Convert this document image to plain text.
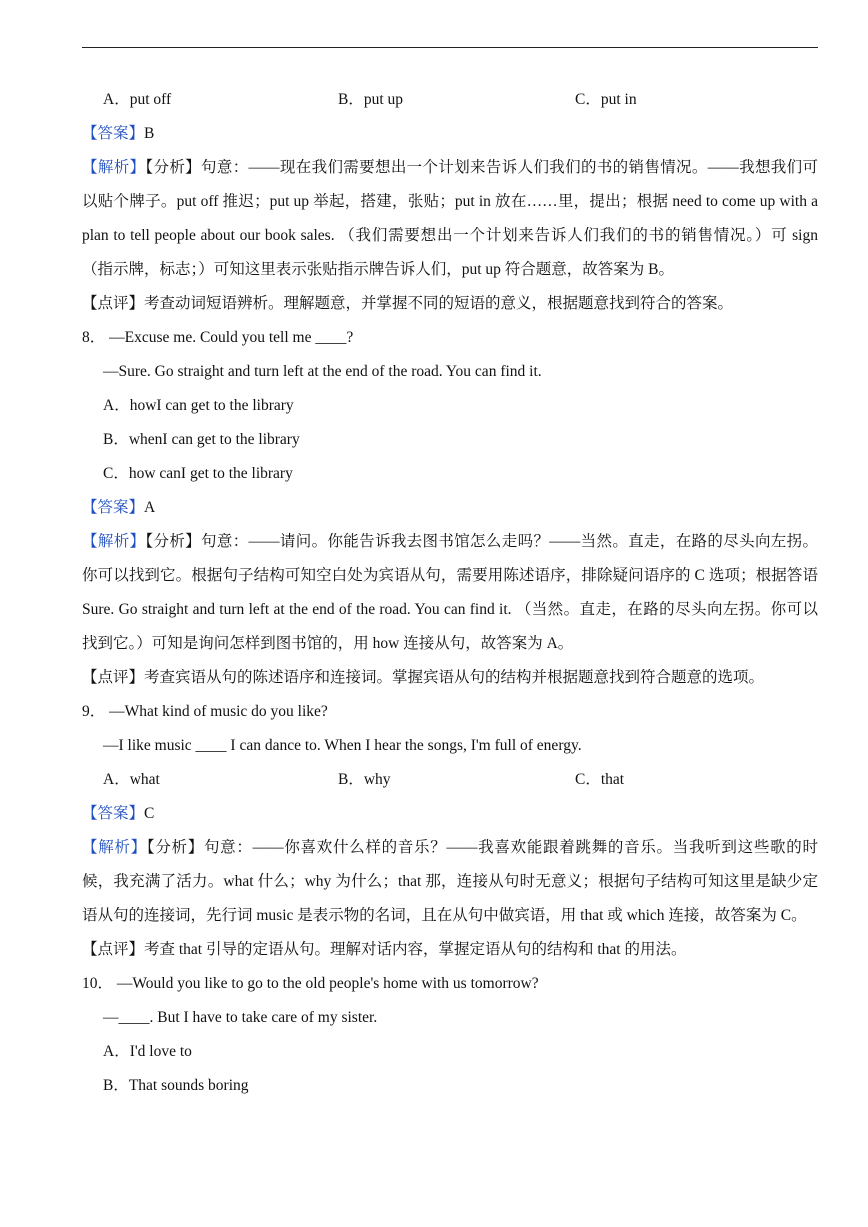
A．put off	B．put up	C．put in
【答案】B
【解析】【分析】句意：——现在我们需要想出一个计划来告诉人们我们的书的销售情况。——我想我们可以贴个牌子。put off 推迟；put up 举起，搭建，张贴；put in 放在……里，提出；根据 need to come up with a plan to tell people about our book sales. （我们需要想出一个计划来告诉人们我们的书的销售情况。）可 sign（指示牌，标志；）可知这里表示张贴指示牌告诉人们，put up 符合题意，故答案为 B。
【点评】考查动词短语辨析。理解题意，并掌握不同的短语的意义，根据题意找到符合的答案。
8． —Excuse me. Could you tell me ____?
—Sure. Go straight and turn left at the end of the road. You can find it.
A．howI can get to the library
B．whenI can get to the library
C．how canI get to the library
【答案】A
【解析】【分析】句意：——请问。你能告诉我去图书馆怎么走吗？——当然。直走，在路的尽头向左拐。你可以找到它。根据句子结构可知空白处为宾语从句，需要用陈述语序，排除疑问语序的 C 选项；根据答语 Sure. Go straight and turn left at the end of the road. You can find it. （当然。直走，在路的尽头向左拐。你可以找到它。）可知是询问怎样到图书馆的，用 how 连接从句，故答案为 A。
【点评】考查宾语从句的陈述语序和连接词。掌握宾语从句的结构并根据题意找到符合题意的选项。
9． —What kind of music do you like?
—I like music ____ I can dance to. When I hear the songs, I'm full of energy.
A．what	B．why	C．that
【答案】C
【解析】【分析】句意：——你喜欢什么样的音乐？——我喜欢能跟着跳舞的音乐。当我听到这些歌的时候，我充满了活力。what 什么；why 为什么；that 那，连接从句时无意义；根据句子结构可知这里是缺少定语从句的连接词，先行词 music 是表示物的名词，且在从句中做宾语，用 that 或 which 连接，故答案为 C。
【点评】考查 that 引导的定语从句。理解对话内容，掌握定语从句的结构和 that 的用法。
10． —Would you like to go to the old people's home with us tomorrow?
—____. But I have to take care of my sister.
A．I'd love to
B．That sounds boring
